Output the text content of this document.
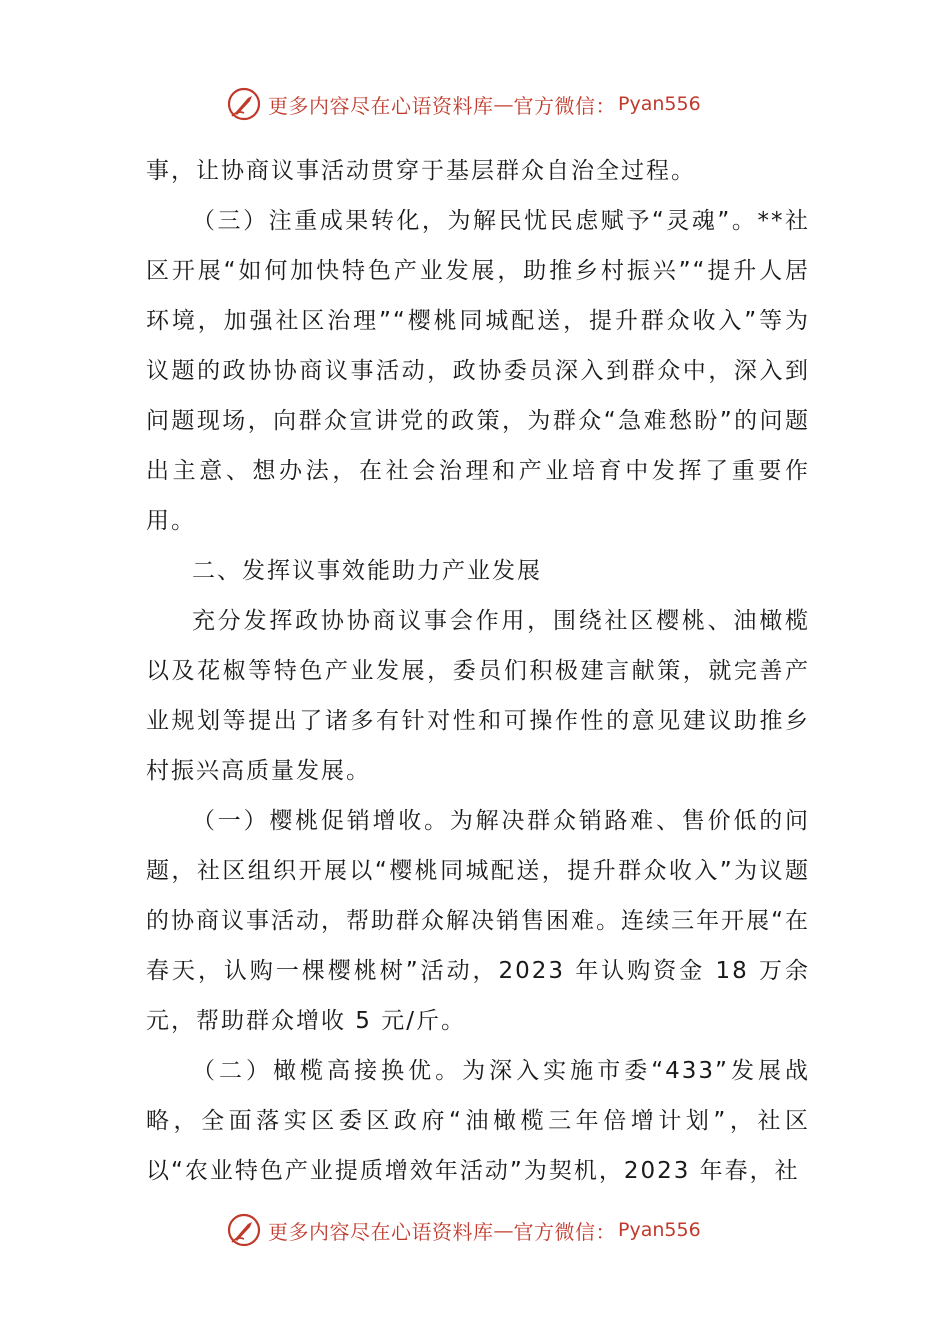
更多内容尽在心语资料库 — 官方微信： Pyan556

事，让协商议事活动贯穿于基层群众自治全过程。

（三）注重成果转化，为解民忧民虑赋予“灵魂”。**社区开展“如何加快特色产业发展，助推乡村振兴”“提升人居环境，加强社区治理”“樱桃同城配送，提升群众收入”等为议题的政协协商议事活动，政协委员深入到群众中，深入到问题现场，向群众宣讲党的政策，为群众“急难愁盼”的问题出主意、想办法，在社会治理和产业培育中发挥了重要作用。

二、发挥议事效能助力产业发展

充分发挥政协协商议事会作用，围绕社区樱桃、油橄榄以及花椒等特色产业发展，委员们积极建言献策，就完善产业规划等提出了诸多有针对性和可操作性的意见建议助推乡村振兴高质量发展。

（一）樱桃促销增收。为解决群众销路难、售价低的问题，社区组织开展以“樱桃同城配送，提升群众收入”为议题的协商议事活动，帮助群众解决销售困难。连续三年开展“在春天，认购一棵樱桃树”活动，2023 年认购资金 18 万余元，帮助群众增收 5 元/斤。

（二）橄榄高接换优。为深入实施市委“433”发展战略，全面落实区委区政府“油橄榄三年倍增计划”，社区以“农业特色产业提质增效年活动”为契机，2023 年春，社

更多内容尽在心语资料库 — 官方微信： Pyan556
